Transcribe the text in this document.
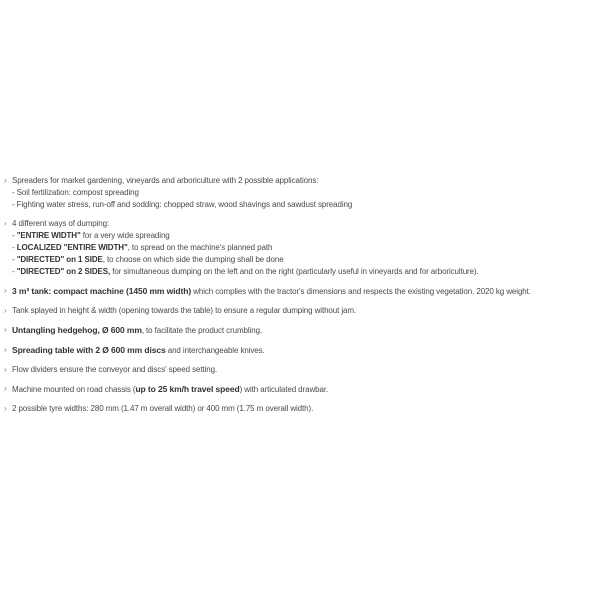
› Spreaders for market gardening, vineyards and arboriculture with 2 possible applications:
- Soil fertilization: compost spreading
- Fighting water stress, run-off and sodding: chopped straw, wood shavings and sawdust spreading
› 4 different ways of dumping:
- "ENTIRE WIDTH" for a very wide spreading
- LOCALIZED "ENTIRE WIDTH", to spread on the machine's planned path
- "DIRECTED" on 1 SIDE, to choose on which side the dumping shall be done
- "DIRECTED" on 2 SIDES, for simultaneous dumping on the left and on the right (particularly useful in vineyards and for arboriculture).
› 3 m³ tank: compact machine (1450 mm width) which complies with the tractor's dimensions and respects the existing vegetation. 2020 kg weight.
› Tank splayed in height & width (opening towards the table) to ensure a regular dumping without jam.
› Untangling hedgehog, Ø 600 mm, to facilitate the product crumbling.
› Spreading table with 2 Ø 600 mm discs and interchangeable knives.
› Flow dividers ensure the conveyor and discs' speed setting.
› Machine mounted on road chassis (up to 25 km/h travel speed) with articulated drawbar.
› 2 possible tyre widths: 280 mm (1.47 m overall width) or 400 mm (1.75 m overall width).
